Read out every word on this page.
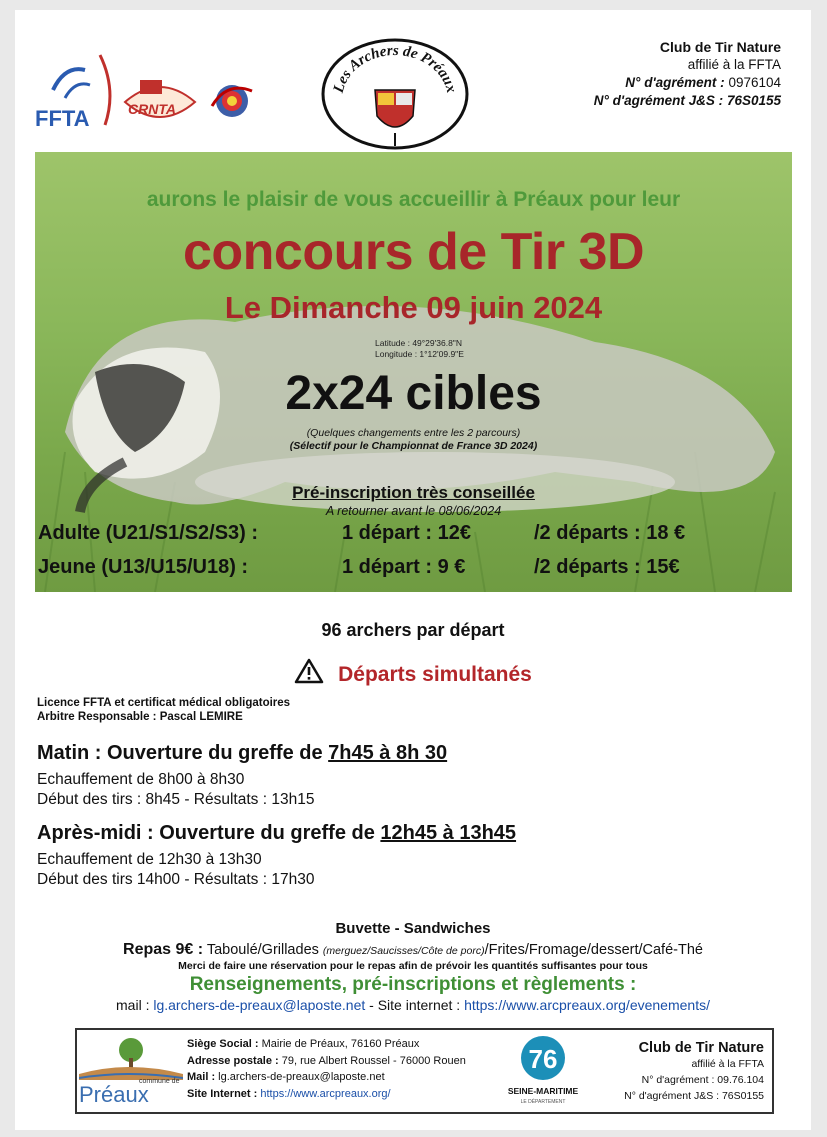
FFTA	CRNTA
Les Archers de Préaux
Club de Tir Nature
affilié à la FFTA
N° d'agrément : 0976104
N° d'agrément J&S : 76S0155
aurons le plaisir de vous accueillir à Préaux pour leur
concours de Tir 3D
Le Dimanche 09 juin 2024
Latitude : 49°29'36.8"N
Longitude : 1°12'09.9"E
2x24 cibles
(Quelques changements entre les 2 parcours)
(Sélectif pour le Championnat de France 3D 2024)
Pré-inscription très conseillée
A retourner avant le 08/06/2024
Adulte (U21/S1/S2/S3) :	1 départ : 12€	/2 départs : 18 €
Jeune (U13/U15/U18) :	1 départ : 9 €	/2 départs : 15€
96 archers par départ
Départs simultanés
Licence FFTA et certificat médical obligatoires
Arbitre Responsable : Pascal LEMIRE
Matin : Ouverture du greffe de 7h45 à 8h 30
Echauffement de 8h00 à 8h30
Début des tirs : 8h45 - Résultats : 13h15
Après-midi : Ouverture du greffe de 12h45 à 13h45
Echauffement de 12h30 à 13h30
Début des tirs 14h00 - Résultats : 17h30
Buvette - Sandwiches
Repas 9€ : Taboulé/Grillades (merguez/Saucisses/Côte de porc)/Frites/Fromage/dessert/Café-Thé
Merci de faire une réservation pour le repas afin de prévoir les quantités suffisantes pour tous
Renseignements, pré-inscriptions et règlements :
mail : lg.archers-de-preaux@laposte.net - Site internet : https://www.arcpreaux.org/evenements/
commune de
Préaux
Siège Social : Mairie de Préaux, 76160 Préaux
Adresse postale : 79, rue Albert Roussel - 76000 Rouen
Mail : lg.archers-de-preaux@laposte.net
Site Internet : https://www.arcpreaux.org/
76
SEINE-MARITIME
LE DÉPARTEMENT
Club de Tir Nature
affilié à la FFTA
N° d'agrément : 09.76.104
N° d'agrément J&S : 76S0155
